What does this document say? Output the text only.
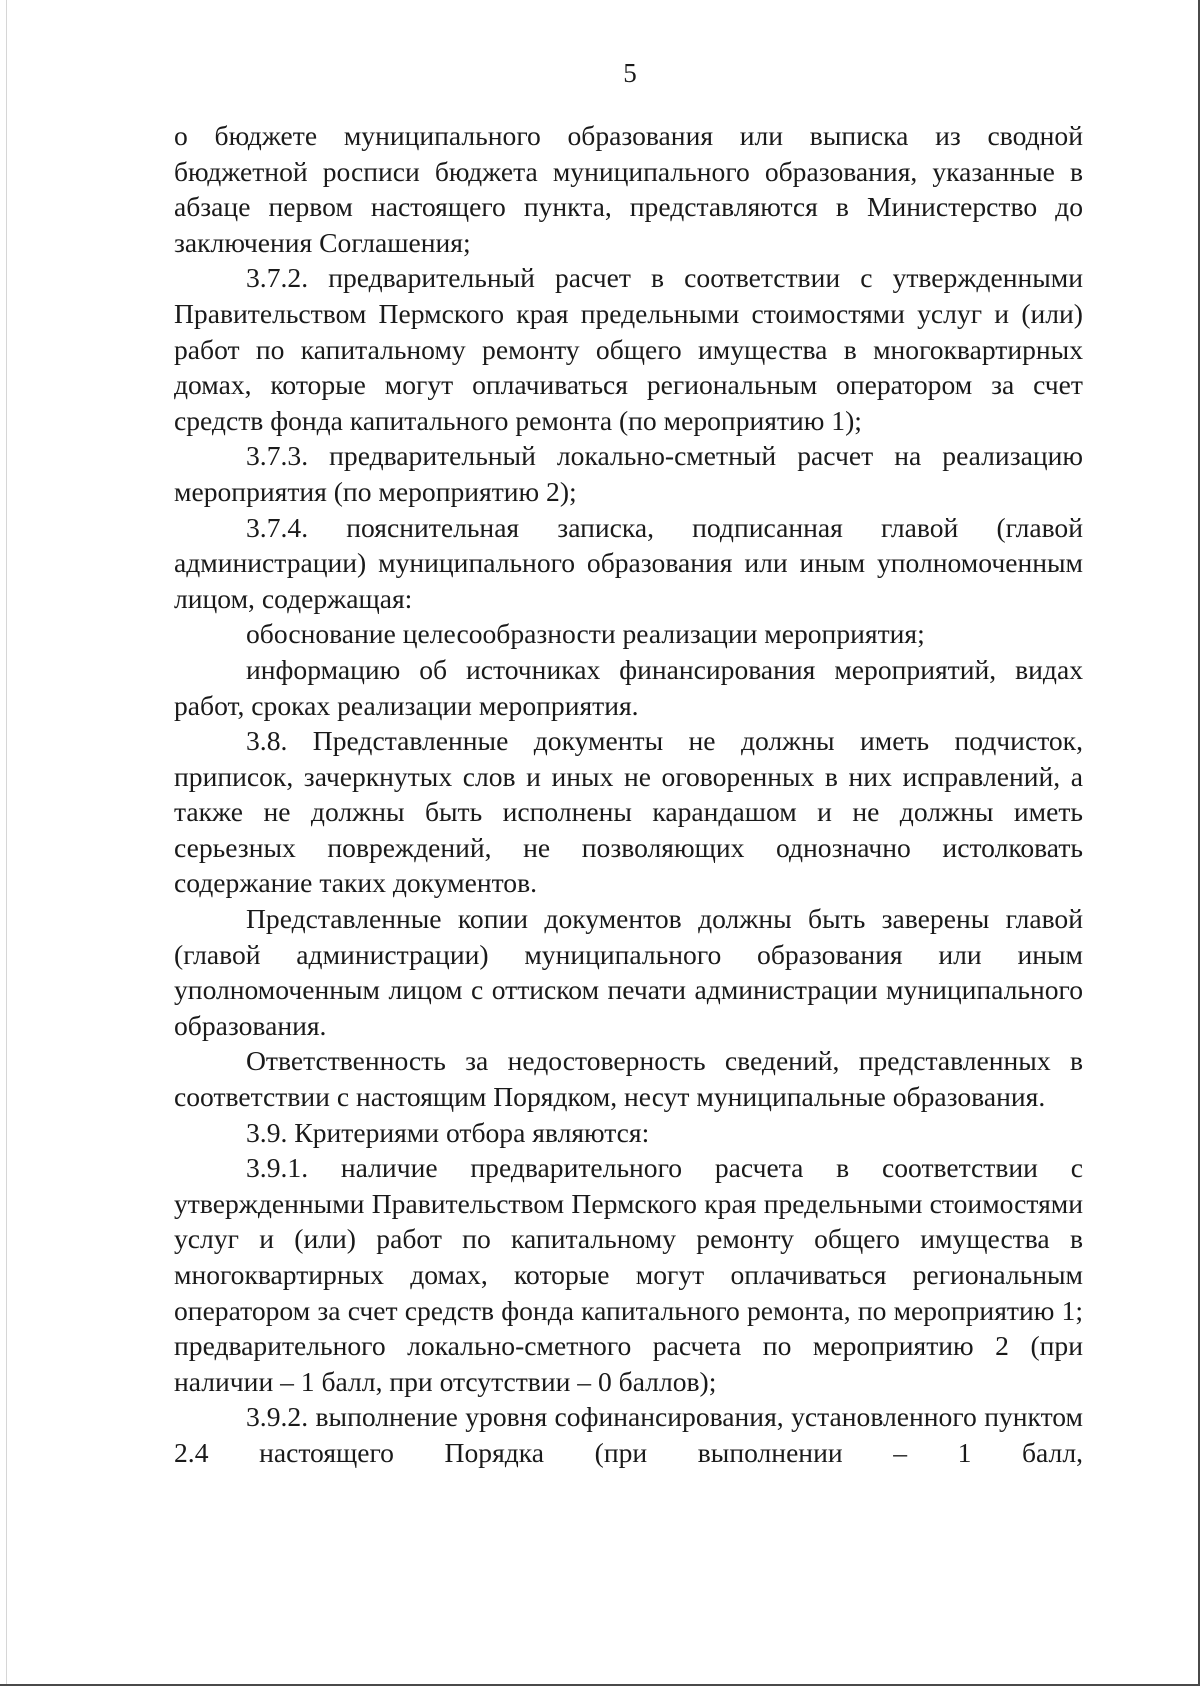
5

о бюджете муниципального образования или выписка из сводной бюджетной росписи бюджета муниципального образования, указанные в абзаце первом настоящего пункта, представляются в Министерство до заключения Соглашения;

3.7.2. предварительный расчет в соответствии с утвержденными Правительством Пермского края предельными стоимостями услуг и (или) работ по капитальному ремонту общего имущества в многоквартирных домах, которые могут оплачиваться региональным оператором за счет средств фонда капитального ремонта (по мероприятию 1);

3.7.3. предварительный локально-сметный расчет на реализацию мероприятия (по мероприятию 2);

3.7.4. пояснительная записка, подписанная главой (главой администрации) муниципального образования или иным уполномоченным лицом, содержащая:

обоснование целесообразности реализации мероприятия;

информацию об источниках финансирования мероприятий, видах работ, сроках реализации мероприятия.

3.8. Представленные документы не должны иметь подчисток, приписок, зачеркнутых слов и иных не оговоренных в них исправлений, а также не должны быть исполнены карандашом и не должны иметь серьезных повреждений, не позволяющих однозначно истолковать содержание таких документов.

Представленные копии документов должны быть заверены главой (главой администрации) муниципального образования или иным уполномоченным лицом с оттиском печати администрации муниципального образования.

Ответственность за недостоверность сведений, представленных в соответствии с настоящим Порядком, несут муниципальные образования.

3.9. Критериями отбора являются:

3.9.1. наличие предварительного расчета в соответствии с утвержденными Правительством Пермского края предельными стоимостями услуг и (или) работ по капитальному ремонту общего имущества в многоквартирных домах, которые могут оплачиваться региональным оператором за счет средств фонда капитального ремонта, по мероприятию 1; предварительного локально-сметного расчета по мероприятию 2 (при наличии – 1 балл, при отсутствии – 0 баллов);

3.9.2. выполнение уровня софинансирования, установленного пунктом 2.4 настоящего Порядка (при выполнении – 1 балл,
